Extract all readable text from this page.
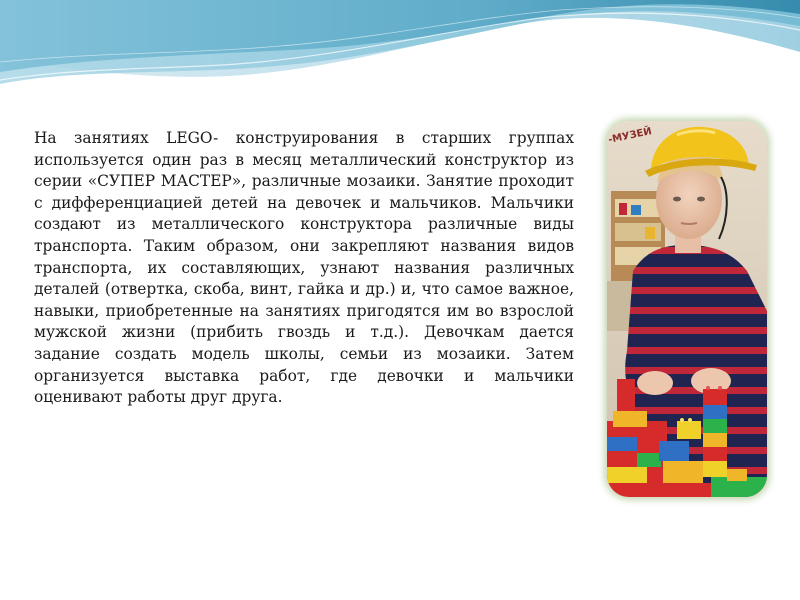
На занятиях LEGO- конструирования в старших группах используется один раз в месяц металлический конструктор из серии «СУПЕР МАСТЕР», различные мозаики. Занятие проходит с дифференциацией детей на девочек и мальчиков. Мальчики создают из металлического конструктора различные виды транспорта. Таким образом, они закрепляют названия видов транспорта, их составляющих, узнают названия различных деталей (отвертка, скоба, винт, гайка и др.) и, что самое важное, навыки, приобретенные на занятиях пригодятся им во взрослой мужской жизни (прибить гвоздь и т.д.). Девочкам дается задание создать модель школы, семьи из мозаики. Затем организуется выставка работ, где девочки и мальчики оценивают работы друг друга.

-МУЗЕЙ
